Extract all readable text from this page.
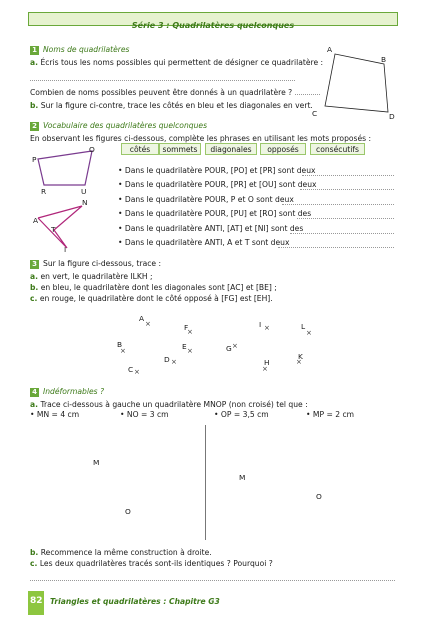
Série 3 : Quadrilatères quelconques
1 Noms de quadrilatères
a. Écris tous les noms possibles qui permettent de désigner ce quadrilatère :
Combien de noms possibles peuvent être donnés à un quadrilatère ?
b. Sur la figure ci-contre, trace les côtés en bleu et les diagonales en vert.
A
B
C	D
2 Vocabulaire des quadrilatères quelconques
En observant les figures ci-dessous, complète les phrases en utilisant les mots proposés :
côtés	sommets	diagonales	opposés	consécutifs
P
O
R	U
N
A
T
I
• Dans le quadrilatère POUR, [PO] et [PR] sont deux
• Dans le quadrilatère POUR, [PR] et [OU] sont deux
• Dans le quadrilatère POUR, P et O sont deux
• Dans le quadrilatère POUR, [PU] et [RO] sont des
• Dans le quadrilatère ANTI, [AT] et [NI] sont des
• Dans le quadrilatère ANTI, A et T sont deux
3 Sur la figure ci-dessous, trace :
a. en vert, le quadrilatère ILKH ;
b. en bleu, le quadrilatère dont les diagonales sont [AC] et [BE] ;
c. en rouge, le quadrilatère dont le côté opposé à [FG] est [EH].
A
×	F
×
I ×	L
×
B
×	E ×	G ×
D ×	H
×
K
×
C ×
4 Indéformables ?
a. Trace ci-dessous à gauche un quadrilatère MNOP (non croisé) tel que :
• MN = 4 cm	• NO = 3 cm	• OP = 3,5 cm	• MP = 2 cm
M
O
M
O
b. Recommence la même construction à droite.
c. Les deux quadrilatères tracés sont-ils identiques ? Pourquoi ?
82 Triangles et quadrilatères : Chapitre G3
